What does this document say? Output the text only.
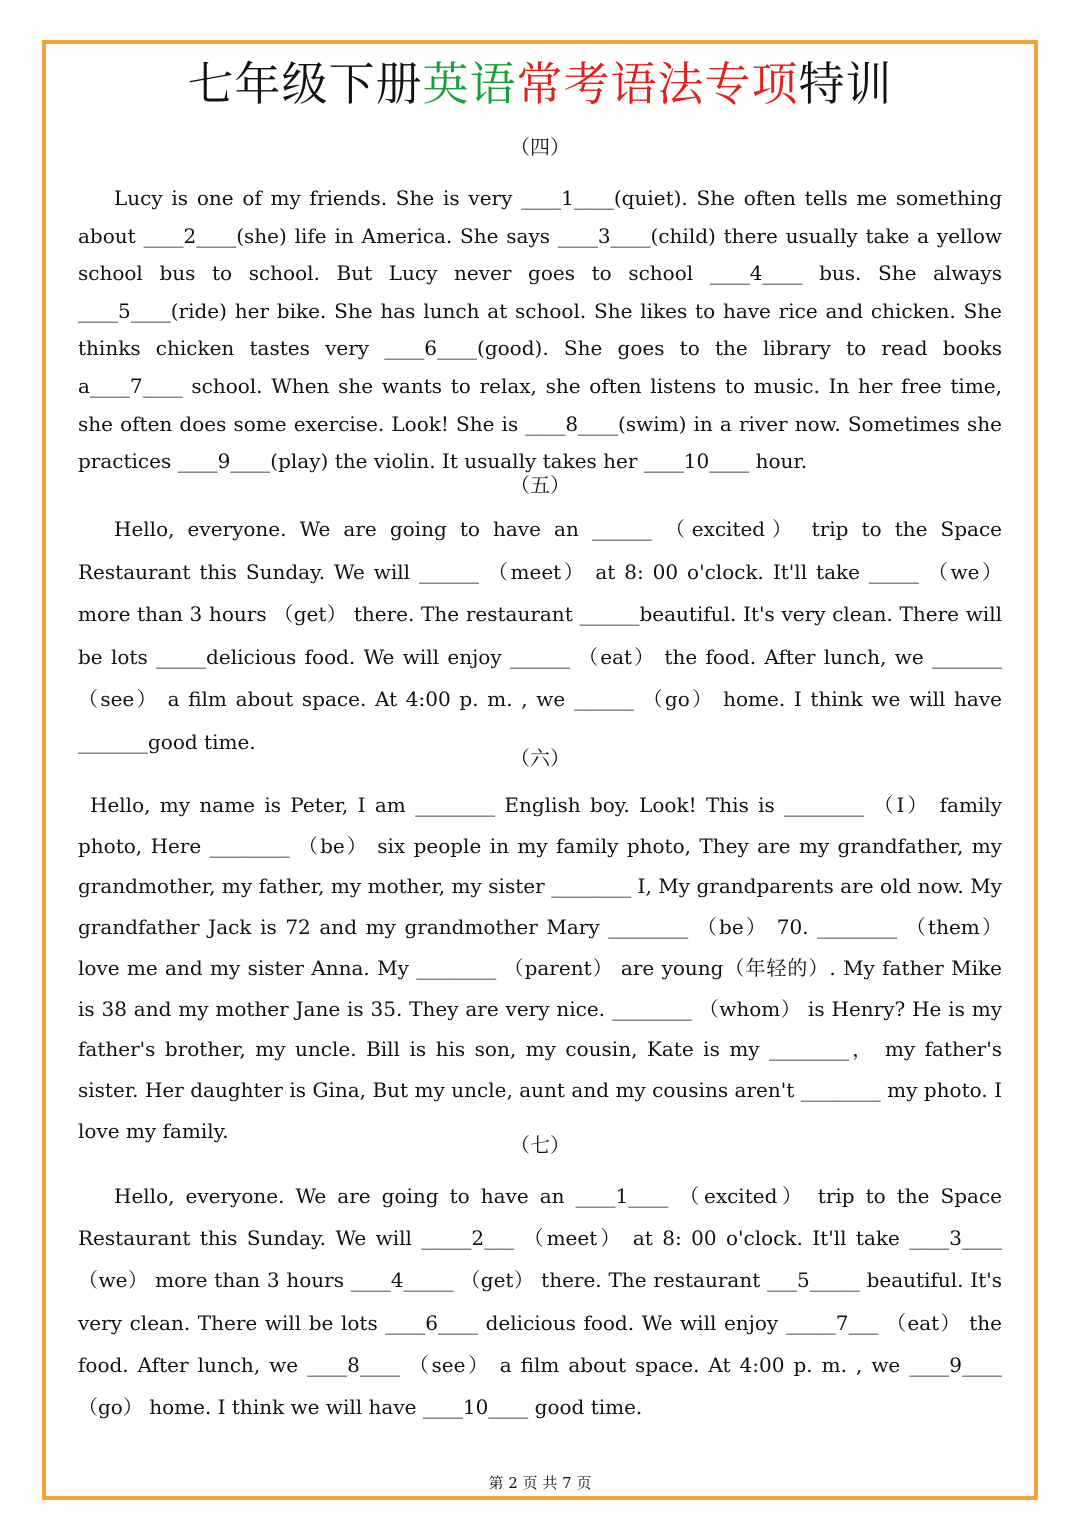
七年级下册英语常考语法专项特训
（四）
Lucy is one of my friends. She is very ____1____(quiet). She often tells me something about ____2____(she) life in America. She says ____3____(child) there usually take a yellow school bus to school. But Lucy never goes to school ____4____ bus. She always ____5____(ride) her bike. She has lunch at school. She likes to have rice and chicken. She thinks chicken tastes very ____6____(good). She goes to the library to read books a____7____ school. When she wants to relax, she often listens to music. In her free time, she often does some exercise. Look! She is ____8____(swim) in a river now. Sometimes she practices ____9____(play) the violin. It usually takes her ____10____ hour.
（五）
Hello, everyone. We are going to have an ______ （excited） trip to the Space Restaurant this Sunday. We will ______ （meet） at 8: 00 o'clock. It'll take _____ （we） more than 3 hours （get） there. The restaurant ______beautiful. It's very clean. There will be lots _____delicious food. We will enjoy ______ （eat） the food. After lunch, we _______ （see） a film about space. At 4:00 p. m. , we ______ （go） home. I think we will have _______good time.
（六）
Hello, my name is Peter, I am ________ English boy. Look! This is ________ （I） family photo, Here ________ （be） six people in my family photo, They are my grandfather, my grandmother, my father, my mother, my sister ________ I, My grandparents are old now. My grandfather Jack is 72 and my grandmother Mary ________ （be） 70. ________ （them） love me and my sister Anna. My ________ （parent） are young（年轻的）. My father Mike is 38 and my mother Jane is 35. They are very nice. ________ （whom） is Henry? He is my father's brother, my uncle. Bill is his son, my cousin, Kate is my ________， my father's sister. Her daughter is Gina, But my uncle, aunt and my cousins aren't ________ my photo. I love my family.
（七）
Hello, everyone. We are going to have an ____1____ （excited） trip to the Space Restaurant this Sunday. We will _____2___ （meet） at 8: 00 o'clock. It'll take ____3____ （we） more than 3 hours ____4_____ （get） there. The restaurant ___5_____ beautiful. It's very clean. There will be lots ____6____ delicious food. We will enjoy _____7___ （eat） the food. After lunch, we ____8____ （see） a film about space. At 4:00 p. m. , we ____9____ （go） home. I think we will have ____10____ good time.
第 2 页 共 7 页
